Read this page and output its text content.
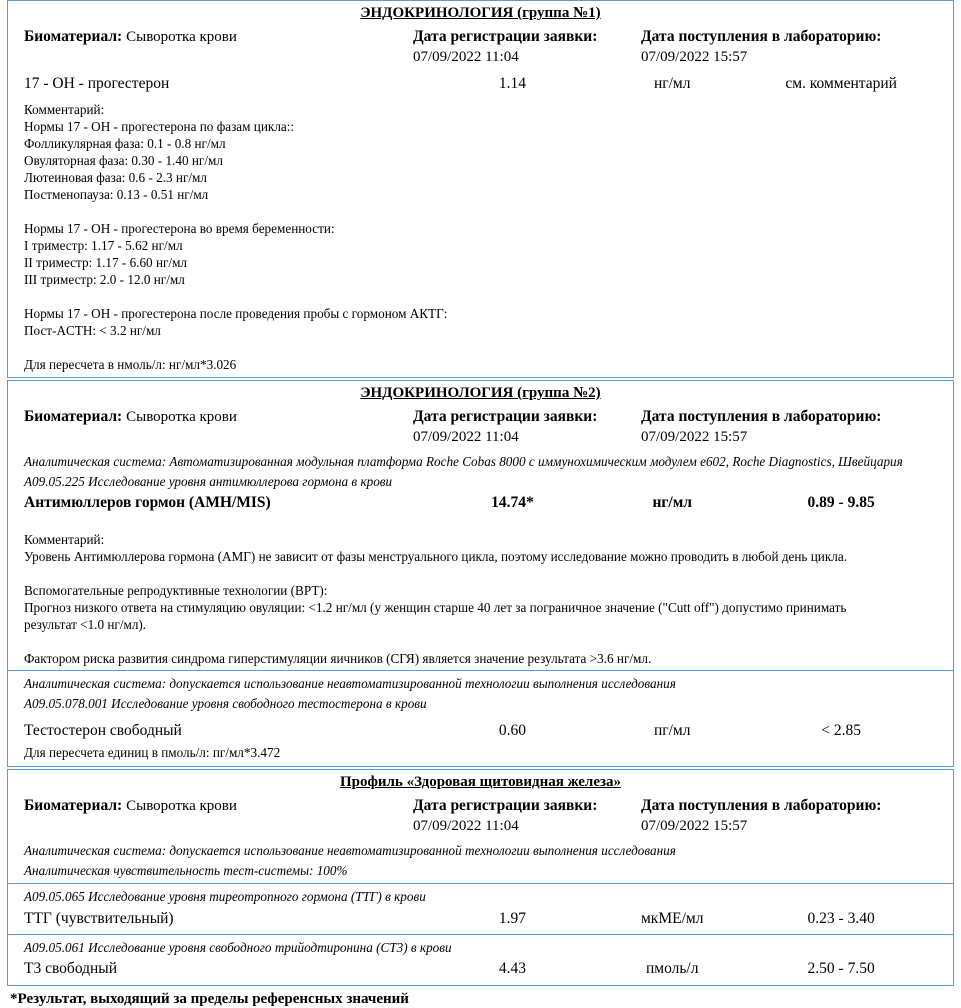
ЭНДОКРИНОЛОГИЯ (группа №1)
Биоматериал: Сыворотка крови	Дата регистрации заявки:
07/09/2022 11:04
Дата поступления в лабораторию:
07/09/2022 15:57
17 - ОН - прогестерон	1.14	нг/мл	см. комментарий
Комментарий:
Нормы 17 - ОН - прогестерона по фазам цикла::
Фолликулярная фаза: 0.1 - 0.8 нг/мл
Овуляторная фаза: 0.30 - 1.40 нг/мл
Лютеиновая фаза: 0.6 - 2.3 нг/мл
Постменопауза: 0.13 - 0.51 нг/мл
Нормы 17 - ОН - прогестерона во время беременности:
I триместр: 1.17 - 5.62 нг/мл
II триместр: 1.17 - 6.60 нг/мл
III триместр: 2.0 - 12.0 нг/мл
Нормы 17 - ОН - прогестерона после проведения пробы с гормоном АКТГ:
Пост-ACTH: < 3.2 нг/мл
Для пересчета в нмоль/л: нг/мл*3.026
ЭНДОКРИНОЛОГИЯ (группа №2)
Биоматериал: Сыворотка крови	Дата регистрации заявки:
07/09/2022 11:04
Дата поступления в лабораторию:
07/09/2022 15:57
Аналитическая система: Автоматизированная модульная платформа Roche Cobas 8000 с иммунохимическим модулем e602, Roche Diagnostics, Швейцария
A09.05.225 Исследование уровня антимюллерова гормона в крови
Антимюллеров гормон (AMH/MIS)	14.74*	нг/мл	0.89 - 9.85
Комментарий:
Уровень Антимюллерова гормона (АМГ) не зависит от фазы менструального цикла, поэтому исследование можно проводить в любой день цикла.
Вспомогательные репродуктивные технологии (ВРТ):
Прогноз низкого ответа на стимуляцию овуляции: <1.2 нг/мл (у женщин старше 40 лет за пограничное значение ("Cutt off") допустимо принимать результат <1.0 нг/мл).
Фактором риска развития синдрома гиперстимуляции яичников (СГЯ) является значение результата >3.6 нг/мл.
Аналитическая система: допускается использование неавтоматизированной технологии выполнения исследования
A09.05.078.001 Исследование уровня свободного тестостерона в крови
Тестостерон свободный	0.60	пг/мл	< 2.85
Для пересчета единиц в пмоль/л: пг/мл*3.472
Профиль «Здоровая щитовидная железа»
Биоматериал: Сыворотка крови	Дата регистрации заявки:
07/09/2022 11:04
Дата поступления в лабораторию:
07/09/2022 15:57
Аналитическая система: допускается использование неавтоматизированной технологии выполнения исследования
Аналитическая чувствительность тест-системы: 100%
A09.05.065 Исследование уровня тиреотропного гормона (ТТГ) в крови
ТТГ (чувствительный)	1.97	мкМЕ/мл	0.23 - 3.40
A09.05.061 Исследование уровня свободного трийодтиронина (СТ3) в крови
Т3 свободный	4.43	пмоль/л	2.50 - 7.50
*Результат, выходящий за пределы референсных значений
